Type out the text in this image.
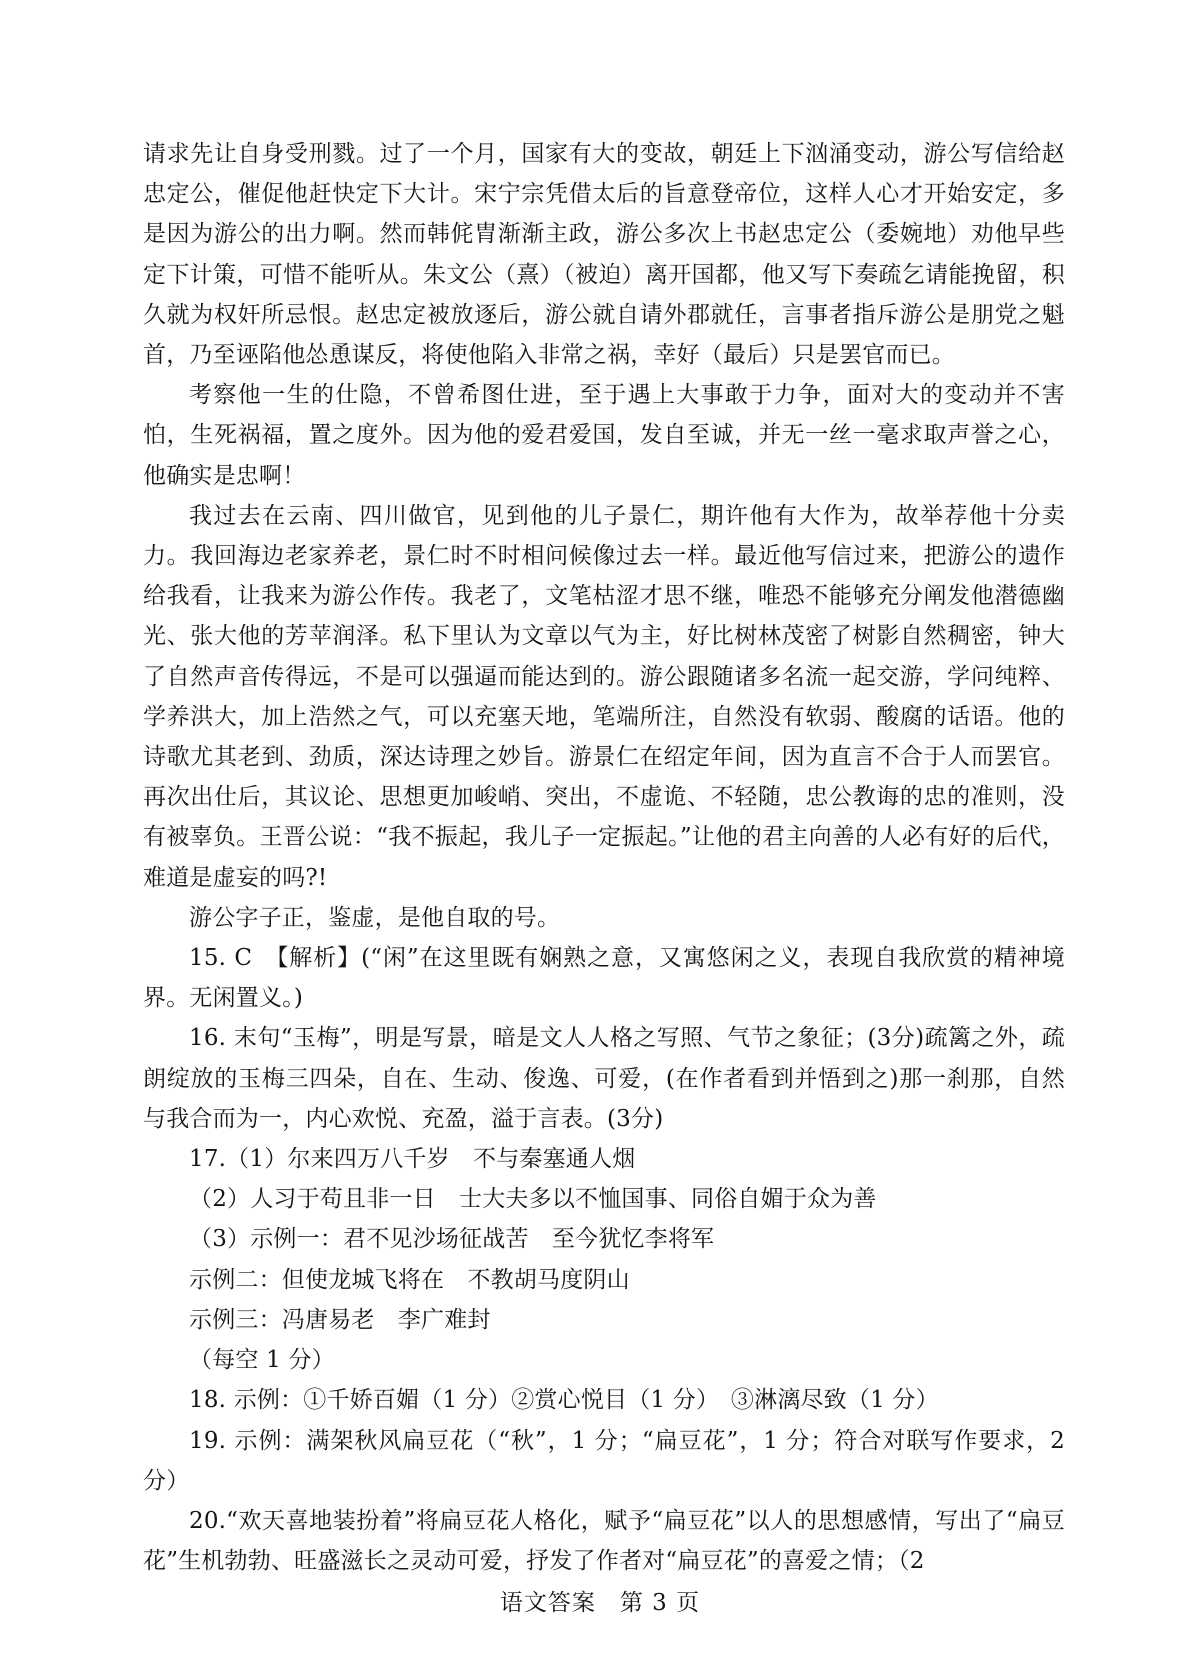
请求先让自身受刑戮。过了一个月，国家有大的变故，朝廷上下汹涌变动，游公写信给赵忠定公，催促他赶快定下大计。宋宁宗凭借太后的旨意登帝位，这样人心才开始安定，多是因为游公的出力啊。然而韩侂胄渐渐主政，游公多次上书赵忠定公（委婉地）劝他早些定下计策，可惜不能听从。朱文公（熹）（被迫）离开国都，他又写下奏疏乞请能挽留，积久就为权奸所忌恨。赵忠定被放逐后，游公就自请外郡就任，言事者指斥游公是朋党之魁首，乃至诬陷他怂恿谋反，将使他陷入非常之祸，幸好（最后）只是罢官而已。

考察他一生的仕隐，不曾希图仕进，至于遇上大事敢于力争，面对大的变动并不害怕，生死祸福，置之度外。因为他的爱君爱国，发自至诚，并无一丝一毫求取声誉之心，他确实是忠啊！

我过去在云南、四川做官，见到他的儿子景仁，期许他有大作为，故举荐他十分卖力。我回海边老家养老，景仁时不时相问候像过去一样。最近他写信过来，把游公的遗作给我看，让我来为游公作传。我老了，文笔枯涩才思不继，唯恐不能够充分阐发他潜德幽光、张大他的芳苹润泽。私下里认为文章以气为主，好比树林茂密了树影自然稠密，钟大了自然声音传得远，不是可以强逼而能达到的。游公跟随诸多名流一起交游，学问纯粹、学养洪大，加上浩然之气，可以充塞天地，笔端所注，自然没有软弱、酸腐的话语。他的诗歌尤其老到、劲质，深达诗理之妙旨。游景仁在绍定年间，因为直言不合于人而罢官。再次出仕后，其议论、思想更加峻峭、突出，不虚诡、不轻随，忠公教诲的忠的准则，没有被辜负。王晋公说：“我不振起，我儿子一定振起。”让他的君主向善的人必有好的后代，难道是虚妄的吗?!

游公字子正，鉴虚，是他自取的号。

15. C　【解析】(“闲”在这里既有娴熟之意，又寓悠闲之义，表现自我欣赏的精神境界。无闲置义。)

16. 末句“玉梅”，明是写景，暗是文人人格之写照、气节之象征；(3分)疏篱之外，疏朗绽放的玉梅三四朵，自在、生动、俊逸、可爱，(在作者看到并悟到之)那一刹那，自然与我合而为一，内心欢悦、充盈，溢于言表。(3分)

17.（1）尔来四万八千岁　不与秦塞通人烟

（2）人习于苟且非一日　士大夫多以不恤国事、同俗自媚于众为善

（3）示例一：君不见沙场征战苦　至今犹忆李将军

示例二：但使龙城飞将在　不教胡马度阴山

示例三：冯唐易老　李广难封

（每空 1 分）

18. 示例：①千娇百媚（1 分）②赏心悦目（1 分）　③淋漓尽致（1 分）

19. 示例：满架秋风扁豆花（“秋”，1 分；“扁豆花”，1 分；符合对联写作要求，2 分）

20.“欢天喜地装扮着”将扁豆花人格化，赋予“扁豆花”以人的思想感情，写出了“扁豆花”生机勃勃、旺盛滋长之灵动可爱，抒发了作者对“扁豆花”的喜爱之情；（2

语文答案　第 3 页
